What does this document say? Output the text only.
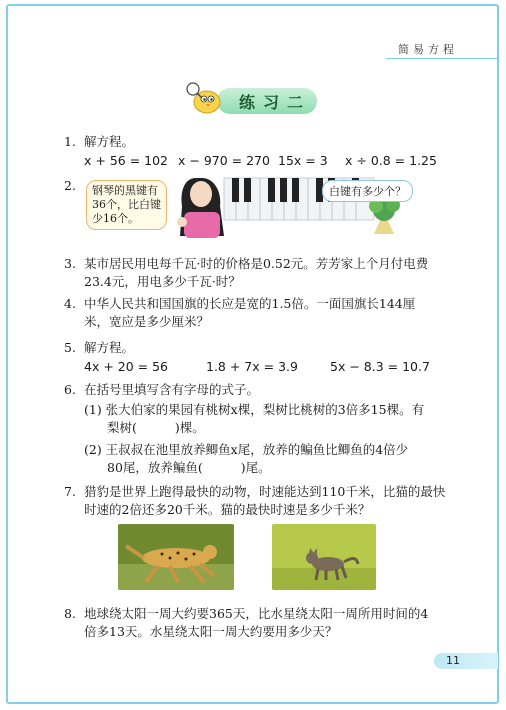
简易方程
练习二
1. 解方程。
x + 56 = 102 x − 970 = 270 15x = 3 x ÷ 0.8 = 1.25
2. 钢琴的黑键有
36个，比白键
少16个。
白键有多少个？
3. 某市居民用电每千瓦·时的价格是0.52元。芳芳家上个月付电费
23.4元，用电多少千瓦·时？
4. 中华人民共和国国旗的长应是宽的1.5倍。一面国旗长144厘
米，宽应是多少厘米？
5. 解方程。
4x + 20 = 56	1.8 + 7x = 3.9	5x − 8.3 = 10.7
6. 在括号里填写含有字母的式子。
(1) 张大伯家的果园有桃树x棵，梨树比桃树的3倍多15棵。有
梨树(	)棵。
(2) 王叔叔在池里放养鲫鱼x尾，放养的鳊鱼比鲫鱼的4倍少
80尾，放养鳊鱼(	)尾。
7. 猎豹是世界上跑得最快的动物，时速能达到110千米，比猫的最快
时速的2倍还多20千米。猫的最快时速是多少千米？
8. 地球绕太阳一周大约要365天，比水星绕太阳一周所用时间的4
倍多13天。水星绕太阳一周大约要用多少天？
11
